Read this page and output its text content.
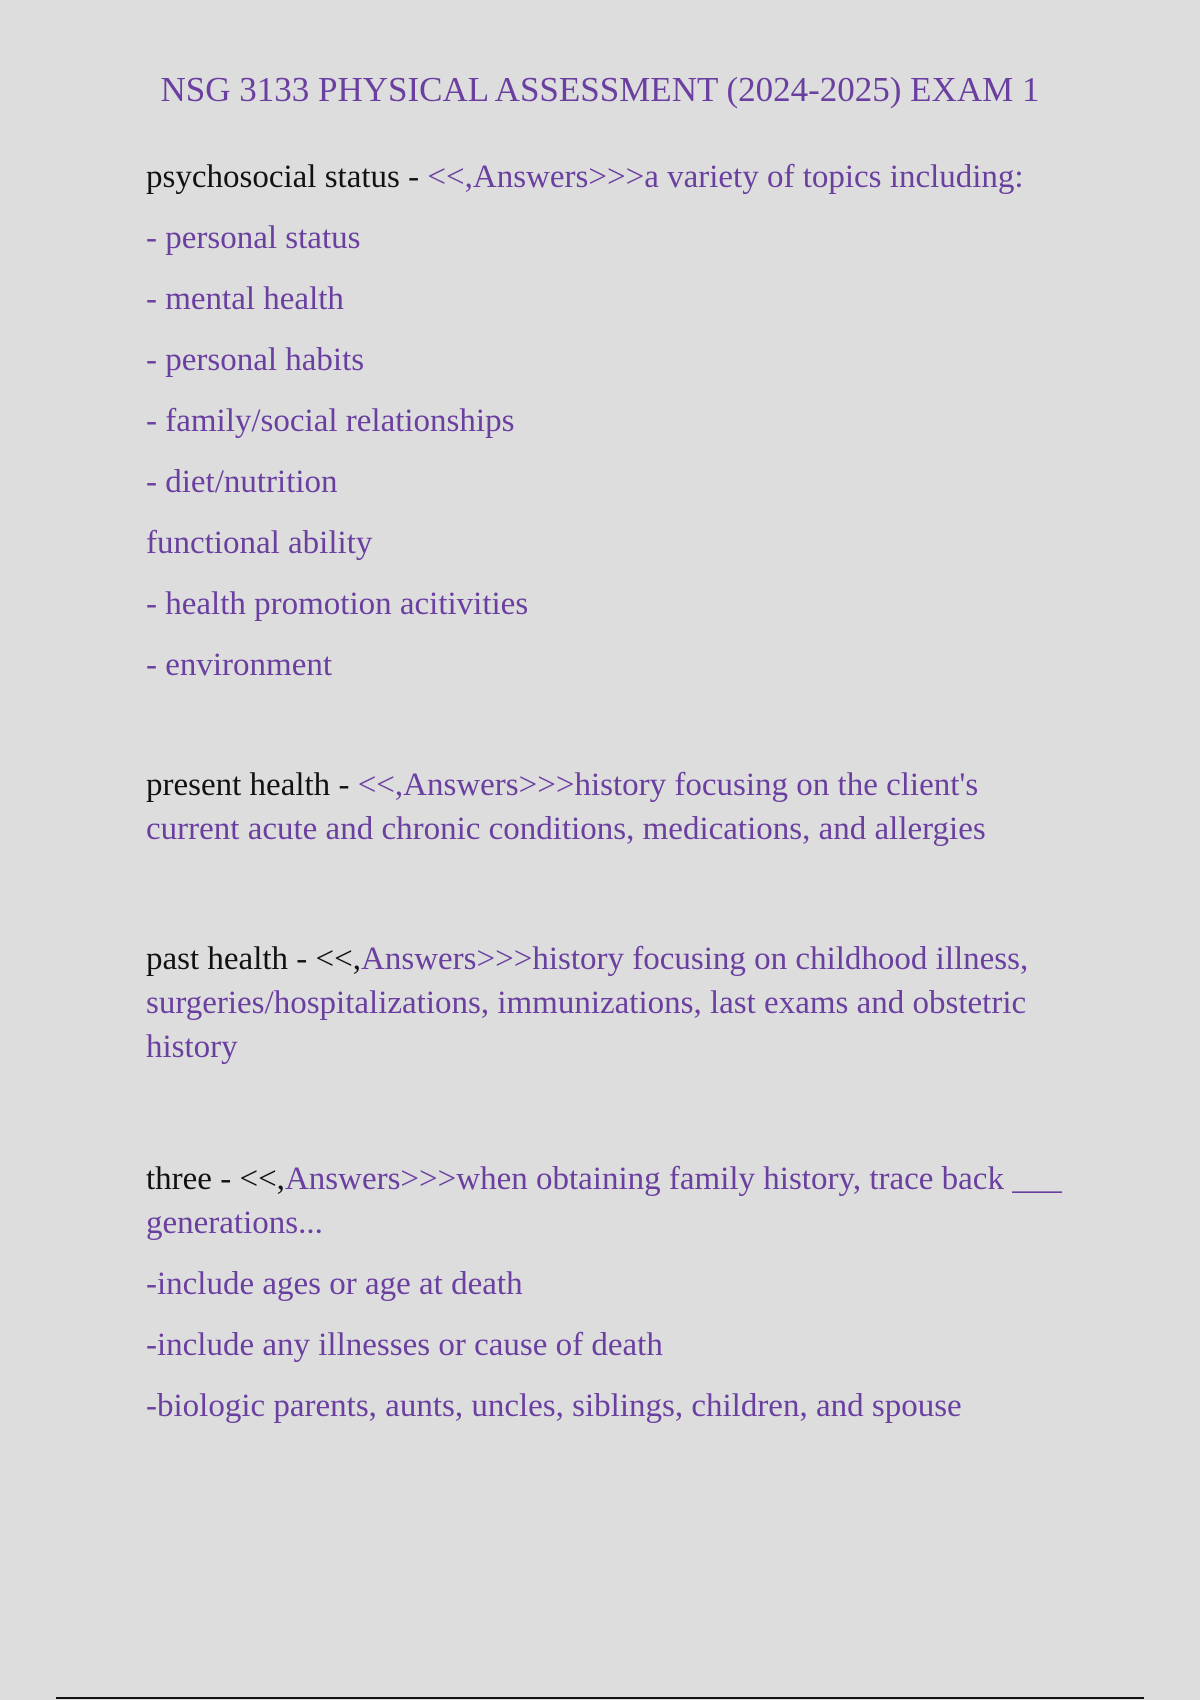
NSG 3133 PHYSICAL ASSESSMENT (2024-2025) EXAM 1

psychosocial status - <<,Answers>>>a variety of topics including:

- personal status

- mental health

- personal habits

- family/social relationships

- diet/nutrition

functional ability

- health promotion acitivities

- environment

present health - <<,Answers>>>history focusing on the client's current acute and chronic conditions, medications, and allergies

past health - <<,Answers>>>history focusing on childhood illness, surgeries/hospitalizations, immunizations, last exams and obstetric history

three - <<,Answers>>>when obtaining family history, trace back ___ generations...

-include ages or age at death

-include any illnesses or cause of death

-biologic parents, aunts, uncles, siblings, children, and spouse
